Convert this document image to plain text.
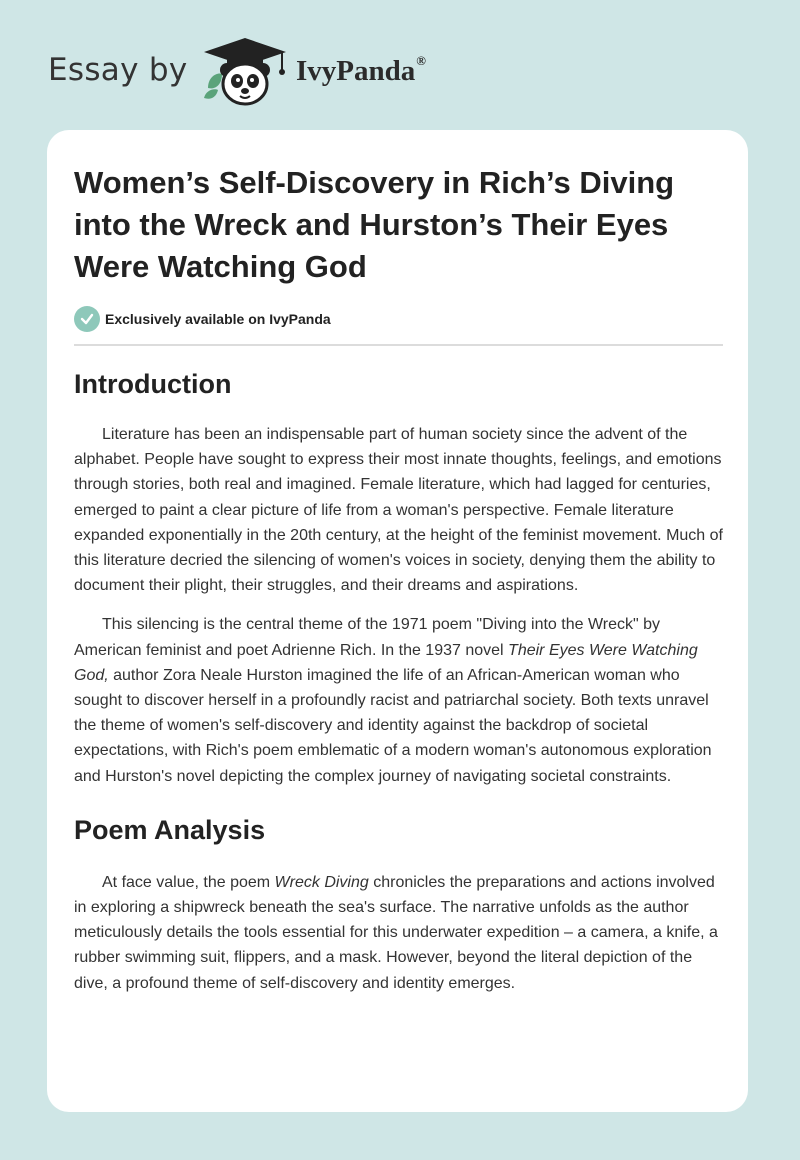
Essay by	IvyPanda®
Women’s Self-Discovery in Rich’s Diving into the Wreck and Hurston’s Their Eyes Were Watching God
Exclusively available on IvyPanda
Introduction

Literature has been an indispensable part of human society since the advent of the alphabet. People have sought to express their most innate thoughts, feelings, and emotions through stories, both real and imagined. Female literature, which had lagged for centuries, emerged to paint a clear picture of life from a woman's perspective. Female literature expanded exponentially in the 20th century, at the height of the feminist movement. Much of this literature decried the silencing of women's voices in society, denying them the ability to document their plight, their struggles, and their dreams and aspirations.

This silencing is the central theme of the 1971 poem "Diving into the Wreck" by American feminist and poet Adrienne Rich. In the 1937 novel Their Eyes Were Watching God, author Zora Neale Hurston imagined the life of an African-American woman who sought to discover herself in a profoundly racist and patriarchal society. Both texts unravel the theme of women's self-discovery and identity against the backdrop of societal expectations, with Rich's poem emblematic of a modern woman's autonomous exploration and Hurston's novel depicting the complex journey of navigating societal constraints.

Poem Analysis

At face value, the poem Wreck Diving chronicles the preparations and actions involved in exploring a shipwreck beneath the sea's surface. The narrative unfolds as the author meticulously details the tools essential for this underwater expedition – a camera, a knife, a rubber swimming suit, flippers, and a mask. However, beyond the literal depiction of the dive, a profound theme of self-discovery and identity emerges.
